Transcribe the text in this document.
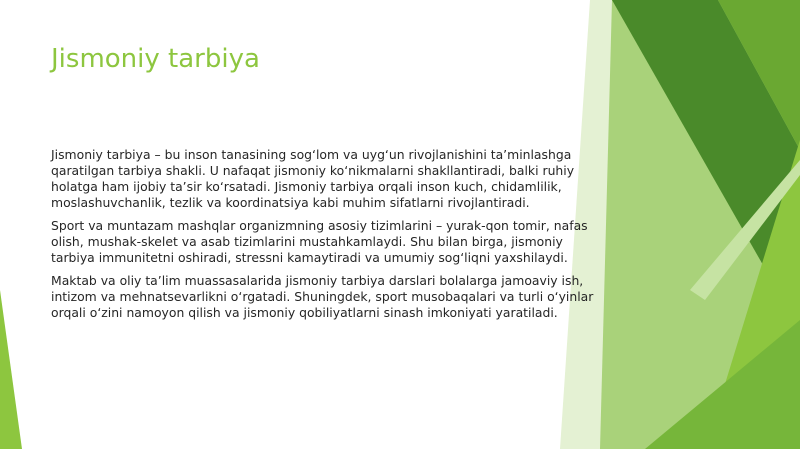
Jismoniy tarbiya

Jismoniy tarbiya – bu inson tanasining sog‘lom va uyg‘un rivojlanishini ta’minlashga qaratilgan tarbiya shakli. U nafaqat jismoniy ko‘nikmalarni shakllantiradi, balki ruhiy holatga ham ijobiy ta’sir ko‘rsatadi. Jismoniy tarbiya orqali inson kuch, chidamlilik, moslashuvchanlik, tezlik va koordinatsiya kabi muhim sifatlarni rivojlantiradi.

Sport va muntazam mashqlar organizmning asosiy tizimlarini – yurak-qon tomir, nafas olish, mushak-skelet va asab tizimlarini mustahkamlaydi. Shu bilan birga, jismoniy tarbiya immunitetni oshiradi, stressni kamaytiradi va umumiy sog‘liqni yaxshilaydi.

Maktab va oliy ta’lim muassasalarida jismoniy tarbiya darslari bolalarga jamoaviy ish, intizom va mehnatsevarlikni o‘rgatadi. Shuningdek, sport musobaqalari va turli o‘yinlar orqali o‘zini namoyon qilish va jismoniy qobiliyatlarni sinash imkoniyati yaratiladi.
